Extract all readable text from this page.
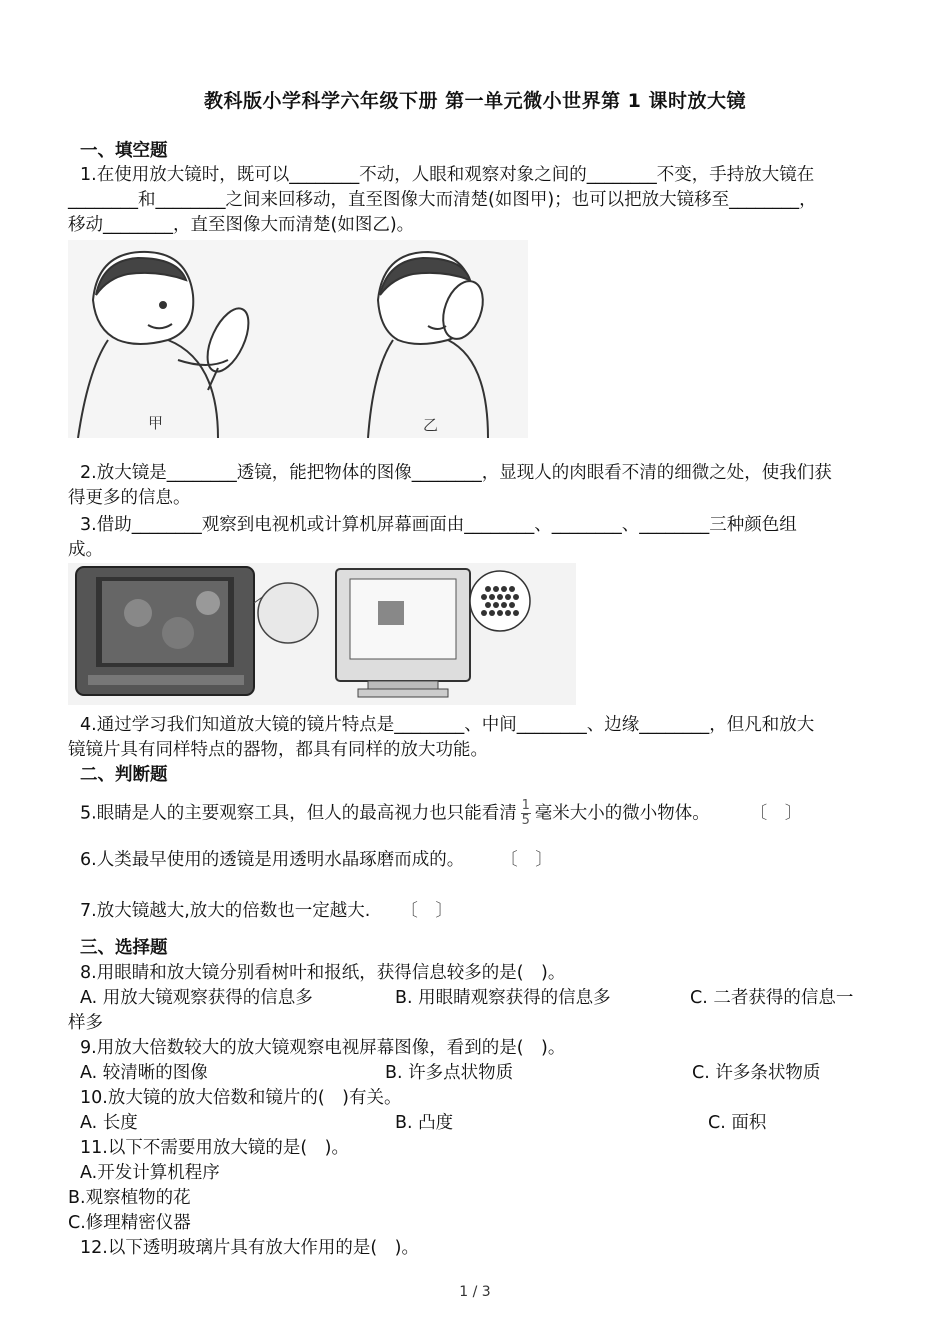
教科版小学科学六年级下册 第一单元微小世界第 1 课时放大镜
一、填空题
1.在使用放大镜时，既可以________不动，人眼和观察对象之间的________不变，手持放大镜在
________和________之间来回移动，直至图像大而清楚(如图甲)；也可以把放大镜移至________，
移动________，直至图像大而清楚(如图乙)。
甲	乙
2.放大镜是________透镜，能把物体的图像________，显现人的肉眼看不清的细微之处，使我们获
得更多的信息。
3.借助________观察到电视机或计算机屏幕画面由________、________、________三种颜色组
成。
4.通过学习我们知道放大镜的镜片特点是________、中间________、边缘________，但凡和放大
镜镜片具有同样特点的器物，都具有同样的放大功能。
二、判断题
5.眼睛是人的主要观察工具，但人的最高视力也只能看清 $\frac{1}{5}$ 毫米大小的微小物体。 〔　〕
6.人类最早使用的透镜是用透明水晶琢磨而成的。 〔　〕
7.放大镜越大,放大的倍数也一定越大. 〔　〕
三、选择题
8.用眼睛和放大镜分别看树叶和报纸，获得信息较多的是(　)。
A. 用放大镜观察获得的信息多	B. 用眼睛观察获得的信息多	C. 二者获得的信息一
样多
9.用放大倍数较大的放大镜观察电视屏幕图像，看到的是(　)。
A. 较清晰的图像	B. 许多点状物质	C. 许多条状物质
10.放大镜的放大倍数和镜片的(　)有关。
A. 长度	B. 凸度	C. 面积
11.以下不需要用放大镜的是(　)。
A.开发计算机程序
B.观察植物的花
C.修理精密仪器
12.以下透明玻璃片具有放大作用的是(　)。
1 / 3
